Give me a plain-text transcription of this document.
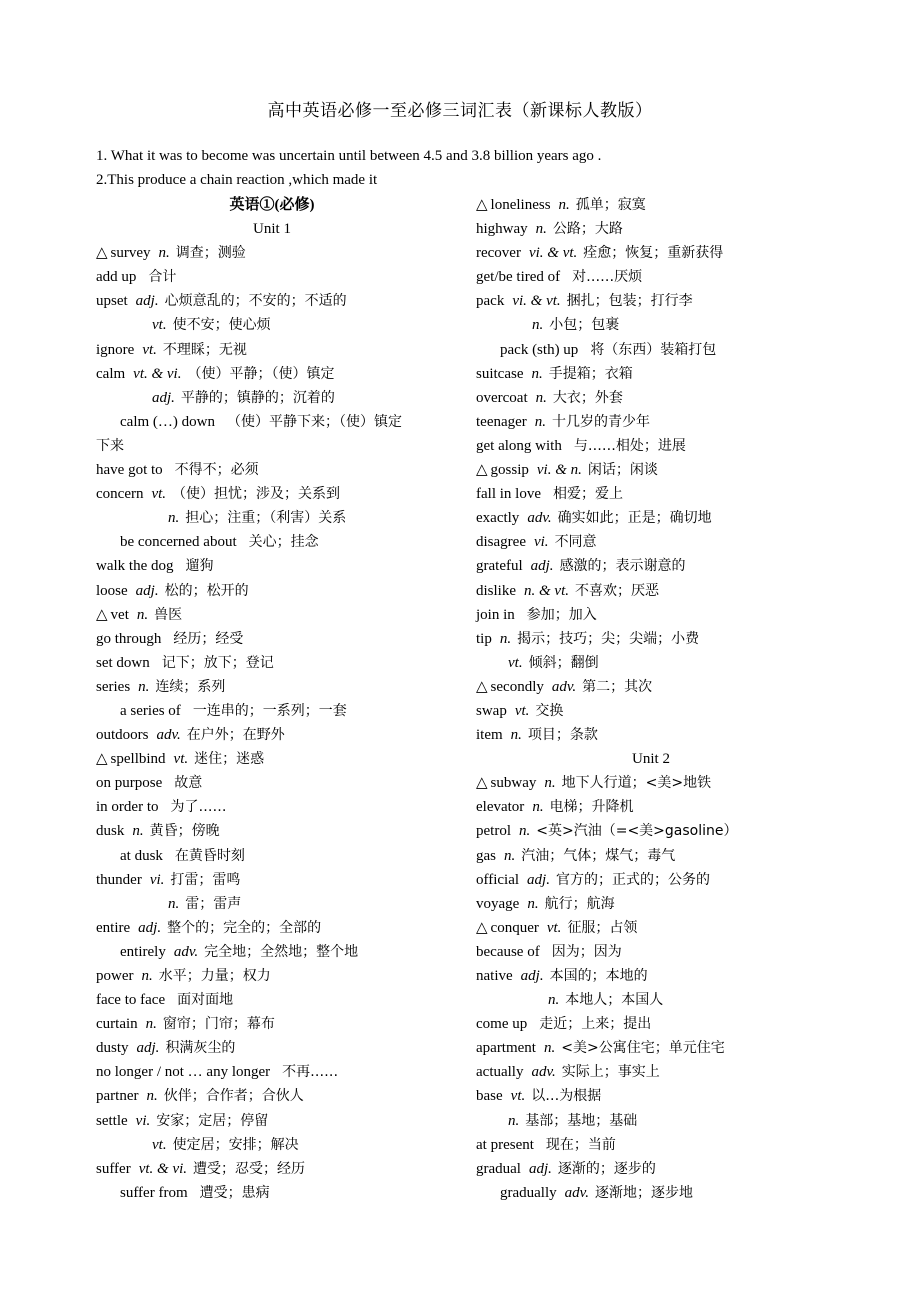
高中英语必修一至必修三词汇表（新课标人教版）
1. What it was to become was uncertain until between 4.5 and 3.8 billion years ago .
2.This produce a chain reaction ,which made it
英语①(必修)
Unit 1
△ survey n. 调查；测验
add up 合计
upset adj. 心烦意乱的；不安的；不适的
vt. 使不安；使心烦
ignore vt. 不理睬；无视
calm vt. & vi. （使）平静；（使）镇定
adj. 平静的；镇静的；沉着的
calm (…) down （使）平静下来；（使）镇定
下来
have got to 不得不；必须
concern vt. （使）担忧；涉及；关系到
n. 担心；注重；（利害）关系
be concerned about 关心；挂念
walk the dog 遛狗
loose adj. 松的；松开的
△ vet n. 兽医
go through 经历；经受
set down 记下；放下；登记
series n. 连续；系列
a series of 一连串的；一系列；一套
outdoors adv. 在户外；在野外
△ spellbind vt. 迷住；迷惑
on purpose 故意
in order to 为了……
dusk n. 黄昏；傍晚
at dusk 在黄昏时刻
thunder vi. 打雷；雷鸣
n. 雷；雷声
entire adj. 整个的；完全的；全部的
entirely adv. 完全地；全然地；整个地
power n. 水平；力量；权力
face to face 面对面地
curtain n. 窗帘；门帘；幕布
dusty adj. 积满灰尘的
no longer / not … any longer 不再……
partner n. 伙伴；合作者；合伙人
settle vi. 安家；定居；停留
vt. 使定居；安排；解决
suffer vt. & vi. 遭受；忍受；经历
suffer from 遭受；患病
△ loneliness n. 孤单；寂寞
highway n. 公路；大路
recover vi. & vt. 痊愈；恢复；重新获得
get/be tired of 对……厌烦
pack vi. & vt. 捆扎；包装；打行李
n. 小包；包裹
pack (sth) up 将（东西）装箱打包
suitcase n. 手提箱；衣箱
overcoat n. 大衣；外套
teenager n. 十几岁的青少年
get along with 与……相处；进展
△ gossip vi. & n. 闲话；闲谈
fall in love 相爱；爱上
exactly adv. 确实如此；正是；确切地
disagree vi. 不同意
grateful adj. 感激的；表示谢意的
dislike n. & vt. 不喜欢；厌恶
join in 参加；加入
tip n. 揭示；技巧；尖；尖端；小费
vt. 倾斜；翻倒
△ secondly adv. 第二；其次
swap vt. 交换
item n. 项目；条款
Unit 2
△ subway n. 地下人行道；<美>地铁
elevator n. 电梯；升降机
petrol n. <英>汽油（=<美>gasoline）
gas n. 汽油；气体；煤气；毒气
official adj. 官方的；正式的；公务的
voyage n. 航行；航海
△ conquer vt. 征服；占领
because of 因为；因为
native adj. 本国的；本地的
n. 本地人；本国人
come up 走近；上来；提出
apartment n. <美>公寓住宅；单元住宅
actually adv. 实际上；事实上
base vt. 以…为根据
n. 基部；基地；基础
at present 现在；当前
gradual adj. 逐渐的；逐步的
gradually adv. 逐渐地；逐步地
